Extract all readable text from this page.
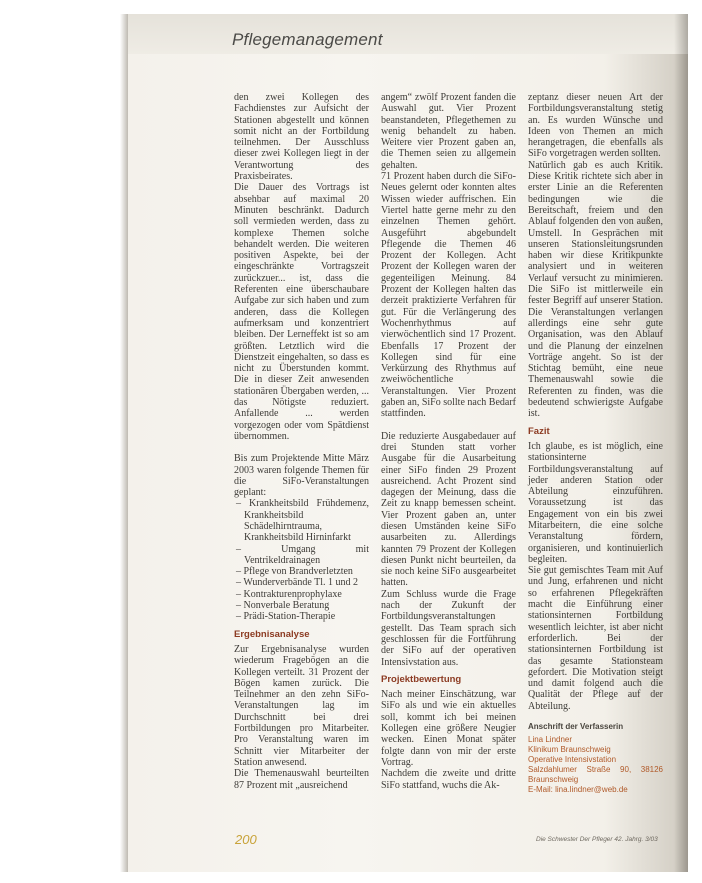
Pflegemanagement

den zwei Kollegen des Fachdienstes zur Aufsicht der Stationen abgestellt und können somit nicht an der Fortbildung teilnehmen. Der Ausschluss dieser zwei Kollegen liegt in der Verantwortung des Praxisbeirates.

Die Dauer des Vortrags ist absehbar auf maximal 20 Minuten beschränkt. Dadurch soll vermieden werden, dass zu komplexe Themen solche behandelt werden. Die weiteren positiven Aspekte, bei der eingeschränkte Vortragszeit zurückzuer... ist, dass die Referenten eine überschaubare Aufgabe zur sich haben und zum anderen, dass die Kollegen aufmerksam und konzentriert bleiben. Der Lerneffekt ist so am größten. Letztlich wird die Dienstzeit eingehalten, so dass es nicht zu Überstunden kommt. Die in dieser Zeit anwesenden stationären Übergaben werden, ... das Nötigste reduziert. Anfallende ... werden vorgezogen oder vom Spätdienst übernommen.

Bis zum Projektende Mitte März 2003 waren folgende Themen für die SiFo-Veranstaltungen geplant:

– Krankheitsbild Frühdemenz, Krankheitsbild Schädelhirntrauma, Krankheitsbild Hirninfarkt
– Umgang mit Ventrikeldrainagen
– Pflege von Brandverletzten
– Wunderverbände Tl. 1 und 2
– Kontrakturenprophylaxe
– Nonverbale Beratung
– Prädi-Station-Therapie
Ergebnisanalyse

Zur Ergebnisanalyse wurden wiederum Fragebögen an die Kollegen verteilt. 31 Prozent der Bögen kamen zurück. Die Teilnehmer an den zehn SiFo-Veranstaltungen lag im Durchschnitt bei drei Fortbildungen pro Mitarbeiter. Pro Veranstaltung waren im Schnitt vier Mitarbeiter der Station anwesend.

Die Themenauswahl beurteilten 87 Prozent mit „ausreichend

angem“ zwölf Prozent fanden die Auswahl gut. Vier Prozent beanstandeten, Pflegethemen zu wenig behandelt zu haben. Weitere vier Prozent gaben an, die Themen seien zu allgemein gehalten.

71 Prozent haben durch die SiFo-Neues gelernt oder konnten altes Wissen wieder auffrischen. Ein Viertel hatte gerne mehr zu den einzelnen Themen gehört. Ausgeführt abgebundelt Pflegende die Themen 46 Prozent der Kollegen. Acht Prozent der Kollegen waren der gegenteiligen Meinung. 84 Prozent der Kollegen halten das derzeit praktizierte Verfahren für gut. Für die Verlängerung des Wochenrhythmus auf vierwöchentlich sind 17 Prozent. Ebenfalls 17 Prozent der Kollegen sind für eine Verkürzung des Rhythmus auf zweiwöchentliche Veranstaltungen. Vier Prozent gaben an, SiFo sollte nach Bedarf stattfinden.

Die reduzierte Ausgabedauer auf drei Stunden statt vorher Ausgabe für die Ausarbeitung einer SiFo finden 29 Prozent ausreichend. Acht Prozent sind dagegen der Meinung, dass die Zeit zu knapp bemessen scheint. Vier Prozent gaben an, unter diesen Umständen keine SiFo ausarbeiten zu. Allerdings kannten 79 Prozent der Kollegen diesen Punkt nicht beurteilen, da sie noch keine SiFo ausgearbeitet hatten.

Zum Schluss wurde die Frage nach der Zukunft der Fortbildungsveranstaltungen gestellt. Das Team sprach sich geschlossen für die Fortführung der SiFo auf der operativen Intensivstation aus.

Projektbewertung

Nach meiner Einschätzung, war SiFo als und wie ein aktuelles soll, kommt ich bei meinen Kollegen eine größere Neugier wecken. Einen Monat später folgte dann von mir der erste Vortrag.

Nachdem die zweite und dritte SiFo stattfand, wuchs die Ak-

zeptanz dieser neuen Art der Fortbildungsveranstaltung stetig an. Es wurden Wünsche und Ideen von Themen an mich herangetragen, die ebenfalls als SiFo vorgetragen werden sollten.

Natürlich gab es auch Kritik. Diese Kritik richtete sich aber in erster Linie an die Referenten bedingungen wie die Bereitschaft, freiem und den Ablauf folgenden den von außen, Umstell. In Gesprächen mit unseren Stationsleitungsrunden haben wir diese Kritikpunkte analysiert und in weiteren Verlauf versucht zu minimieren. Die SiFo ist mittlerweile ein fester Begriff auf unserer Station. Die Veranstaltungen verlangen allerdings eine sehr gute Organisation, was den Ablauf und die Planung der einzelnen Vorträge angeht. So ist der Stichtag bemüht, eine neue Themenauswahl sowie die Referenten zu finden, was die bedeutend schwierigste Aufgabe ist.

Fazit

Ich glaube, es ist möglich, eine stationsinterne Fortbildungsveranstaltung auf jeder anderen Station oder Abteilung einzuführen. Voraussetzung ist das Engagement von ein bis zwei Mitarbeitern, die eine solche Veranstaltung fördern, organisieren, und kontinuierlich begleiten.

Sie gut gemischtes Team mit Auf und Jung, erfahrenen und nicht so erfahrenen Pflegekräften macht die Einführung einer stationsinternen Fortbildung wesentlich leichter, ist aber nicht erforderlich. Bei der stationsinternen Fortbildung ist das gesamte Stationsteam gefordert. Die Motivation steigt und damit folgend auch die Qualität der Pflege auf der Abteilung.

Anschrift der Verfasserin
Lina Lindner
Klinikum Braunschweig
Operative Intensivstation
Salzdahlumer Straße 90, 38126 Braunschweig
E-Mail: lina.lindner@web.de
200	Die Schwester Der Pfleger 42. Jahrg. 3/03
